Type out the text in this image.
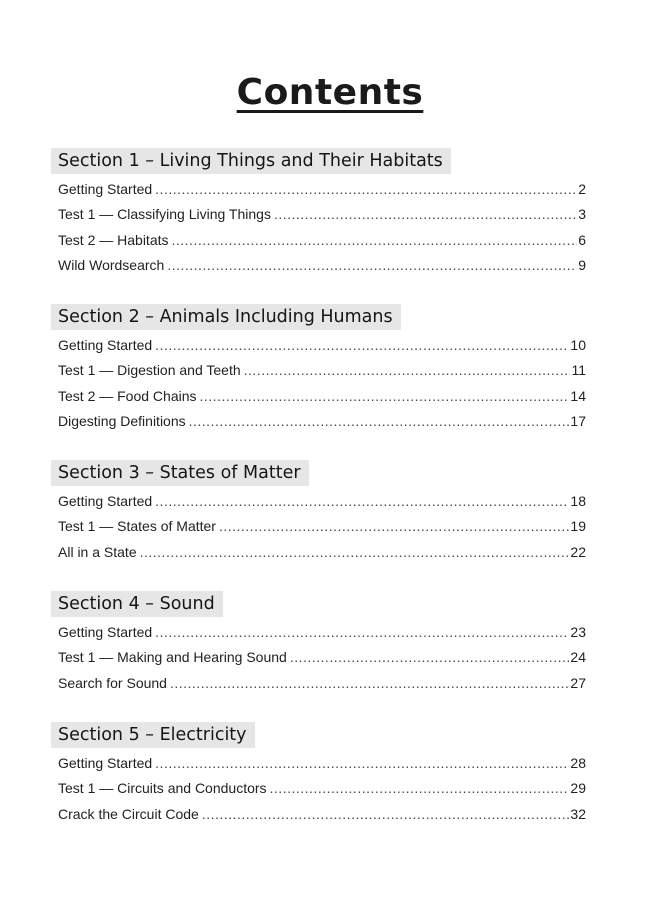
Contents
Section 1 – Living Things and Their Habitats
Getting Started .....	2
Test 1 — Classifying Living Things .....	3
Test 2 — Habitats .....	6
Wild Wordsearch .....	9
Section 2 – Animals Including Humans
Getting Started .....	10
Test 1 — Digestion and Teeth .....	11
Test 2 — Food Chains .....	14
Digesting Definitions .....	17
Section 3 – States of Matter
Getting Started .....	18
Test 1 — States of Matter .....	19
All in a State .....	22
Section 4 – Sound
Getting Started .....	23
Test 1 — Making and Hearing Sound .....	24
Search for Sound .....	27
Section 5 – Electricity
Getting Started .....	28
Test 1 — Circuits and Conductors .....	29
Crack the Circuit Code .....	32
